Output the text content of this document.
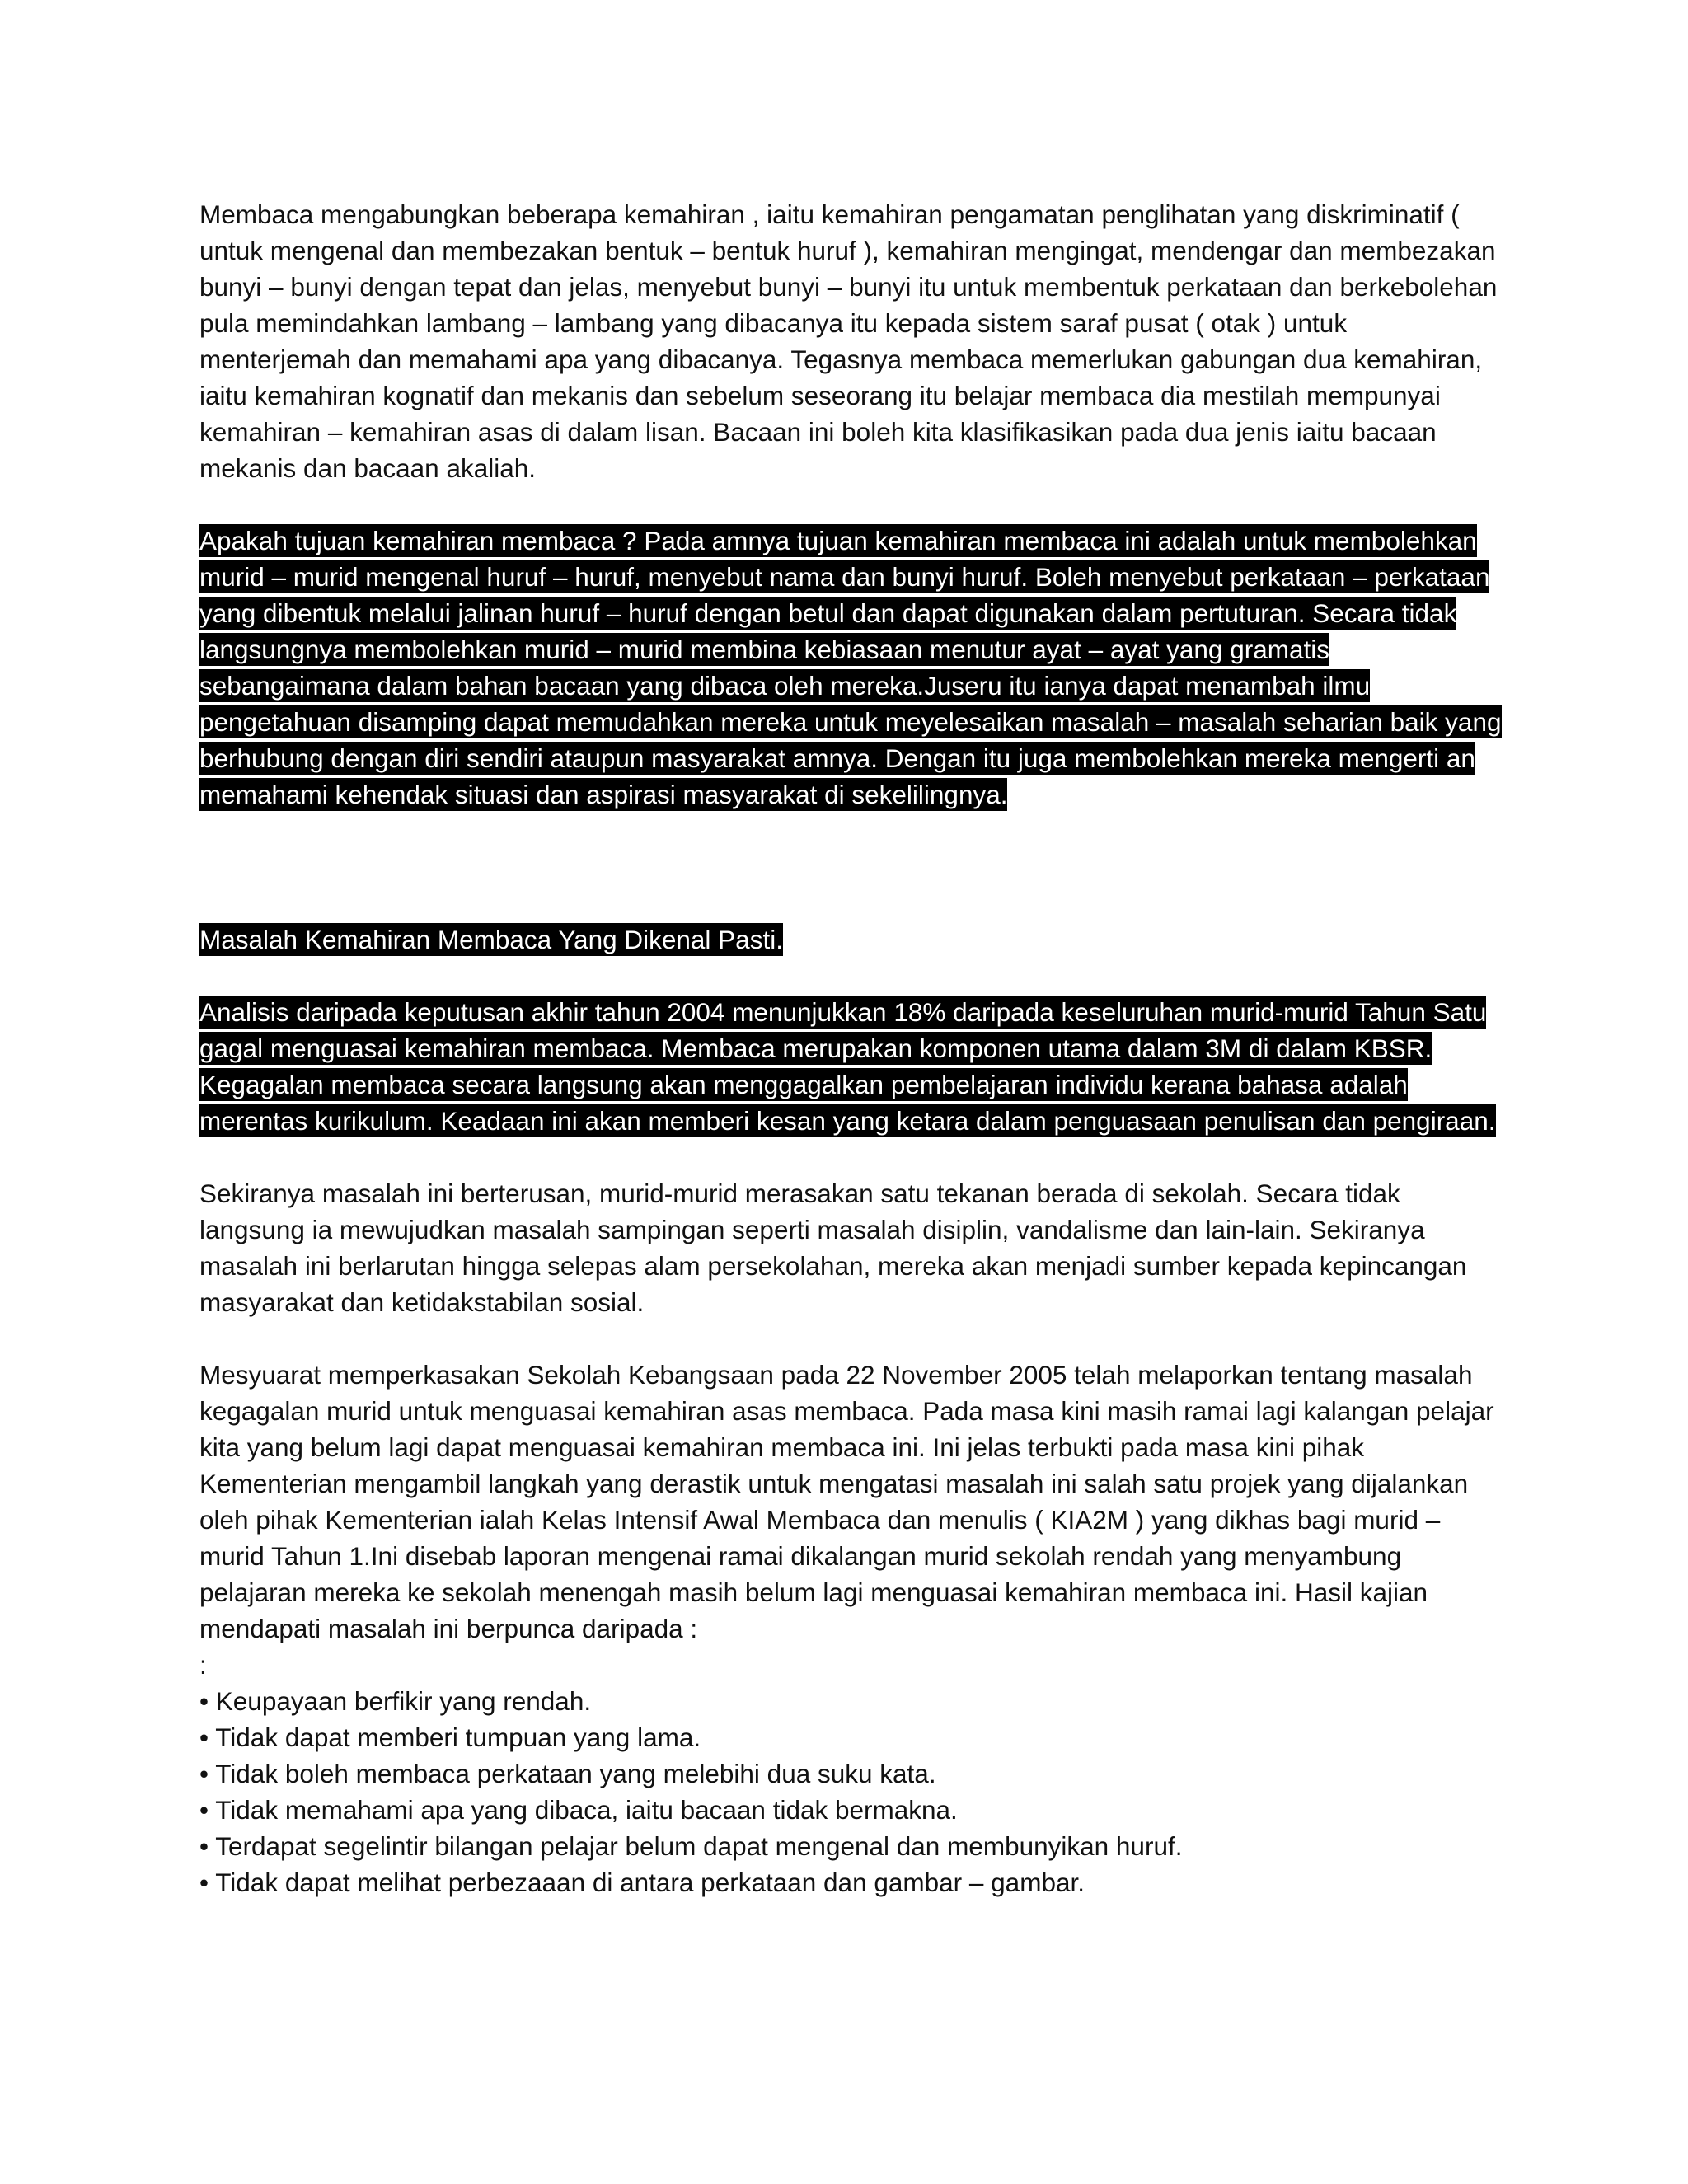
Membaca mengabungkan beberapa kemahiran , iaitu kemahiran pengamatan penglihatan yang diskriminatif ( untuk mengenal dan membezakan bentuk – bentuk huruf ), kemahiran mengingat, mendengar dan membezakan bunyi – bunyi dengan tepat dan jelas, menyebut bunyi – bunyi itu untuk membentuk perkataan dan berkebolehan pula memindahkan lambang – lambang yang dibacanya itu kepada sistem saraf pusat ( otak ) untuk menterjemah dan memahami apa yang dibacanya. Tegasnya membaca memerlukan gabungan dua kemahiran, iaitu kemahiran kognatif dan mekanis dan sebelum seseorang itu belajar membaca dia mestilah mempunyai kemahiran – kemahiran asas di dalam lisan. Bacaan ini boleh kita klasifikasikan pada dua jenis iaitu bacaan mekanis dan bacaan akaliah.

Apakah tujuan kemahiran membaca ? Pada amnya tujuan kemahiran membaca ini adalah untuk membolehkan murid – murid mengenal huruf – huruf, menyebut nama dan bunyi huruf. Boleh menyebut perkataan – perkataan yang dibentuk melalui jalinan huruf – huruf dengan betul dan dapat digunakan dalam pertuturan. Secara tidak langsungnya membolehkan murid – murid membina kebiasaan menutur ayat – ayat yang gramatis sebangaimana dalam bahan bacaan yang dibaca oleh mereka.Juseru itu ianya dapat menambah ilmu pengetahuan disamping dapat memudahkan mereka untuk meyelesaikan masalah – masalah seharian baik yang berhubung dengan diri sendiri ataupun masyarakat amnya. Dengan itu juga membolehkan mereka mengerti an memahami kehendak situasi dan aspirasi masyarakat di sekelilingnya.

Masalah Kemahiran Membaca Yang Dikenal Pasti.

Analisis daripada keputusan akhir tahun 2004 menunjukkan 18% daripada keseluruhan murid-murid Tahun Satu gagal menguasai kemahiran membaca. Membaca merupakan komponen utama dalam 3M di dalam KBSR. Kegagalan membaca secara langsung akan menggagalkan pembelajaran individu kerana bahasa adalah merentas kurikulum. Keadaan ini akan memberi kesan yang ketara dalam penguasaan penulisan dan pengiraan.

Sekiranya masalah ini berterusan, murid-murid merasakan satu tekanan berada di sekolah. Secara tidak langsung ia mewujudkan masalah sampingan seperti masalah disiplin, vandalisme dan lain-lain. Sekiranya masalah ini berlarutan hingga selepas alam persekolahan, mereka akan menjadi sumber kepada kepincangan masyarakat dan ketidakstabilan sosial.

Mesyuarat memperkasakan Sekolah Kebangsaan pada 22 November 2005 telah melaporkan tentang masalah kegagalan murid untuk menguasai kemahiran asas membaca. Pada masa kini masih ramai lagi kalangan pelajar kita yang belum lagi dapat menguasai kemahiran membaca ini. Ini jelas terbukti pada masa kini pihak Kementerian mengambil langkah yang derastik untuk mengatasi masalah ini salah satu projek yang dijalankan oleh pihak Kementerian ialah Kelas Intensif Awal Membaca dan menulis ( KIA2M ) yang dikhas bagi murid – murid Tahun 1.Ini disebab laporan mengenai ramai dikalangan murid sekolah rendah yang menyambung pelajaran mereka ke sekolah menengah masih belum lagi menguasai kemahiran membaca ini. Hasil kajian mendapati masalah ini berpunca daripada :

:

• Keupayaan berfikir yang rendah.
• Tidak dapat memberi tumpuan yang lama.
• Tidak boleh membaca perkataan yang melebihi dua suku kata.
• Tidak memahami apa yang dibaca, iaitu bacaan tidak bermakna.
• Terdapat segelintir bilangan pelajar belum dapat mengenal dan membunyikan huruf.
• Tidak dapat melihat perbezaaan di antara perkataan dan gambar – gambar.
